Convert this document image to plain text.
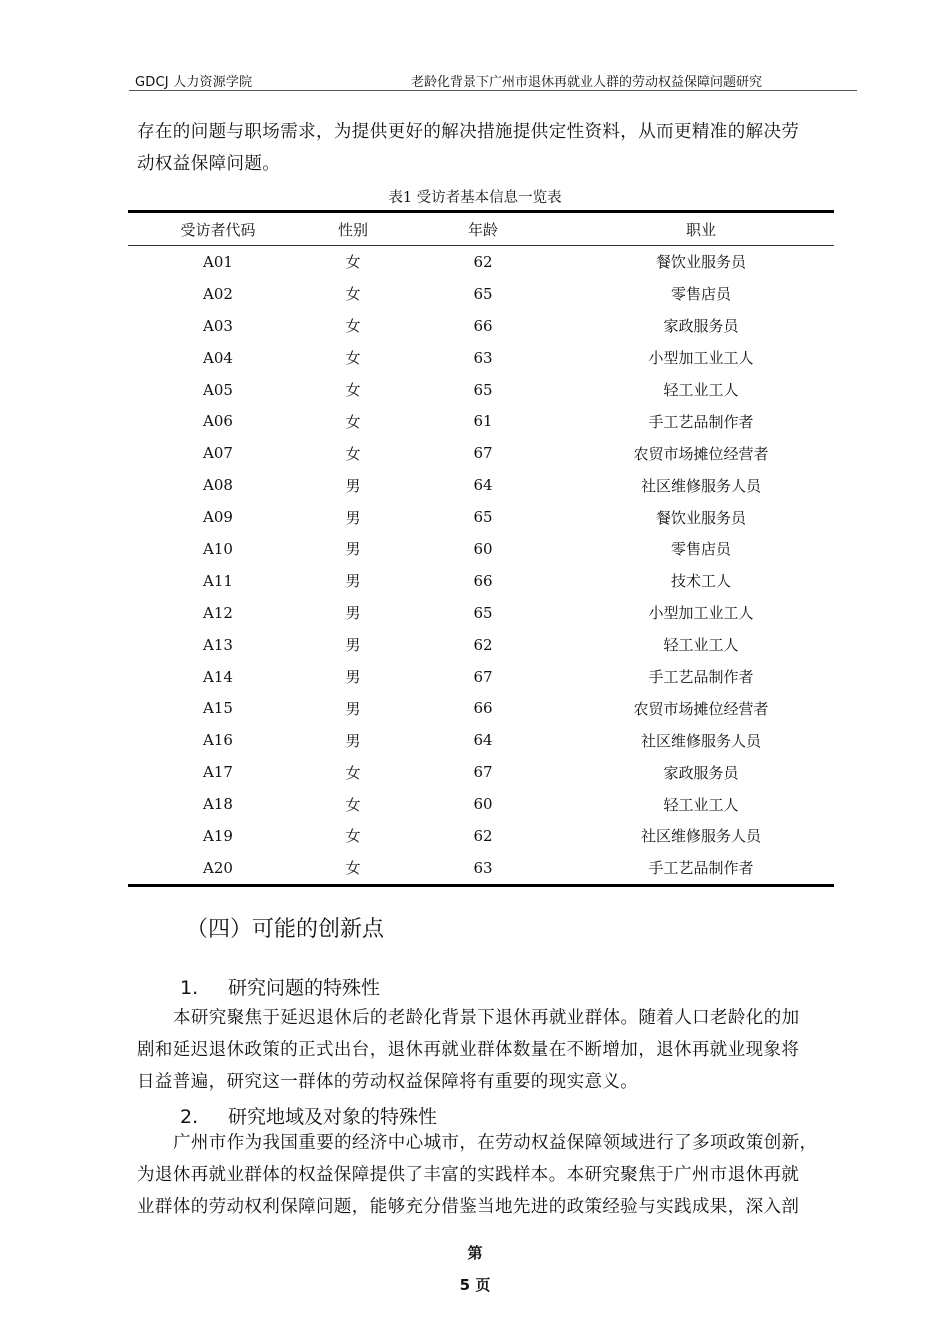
GDCJ 人力资源学院	老龄化背景下广州市退休再就业人群的劳动权益保障问题研究
存在的问题与职场需求，为提供更好的解决措施提供定性资料，从而更精准的解决劳
动权益保障问题。
表1 受访者基本信息一览表
受访者代码	性别	年龄	职业
A01	女	62	餐饮业服务员
A02	女	65	零售店员
A03	女	66	家政服务员
A04	女	63	小型加工业工人
A05	女	65	轻工业工人
A06	女	61	手工艺品制作者
A07	女	67	农贸市场摊位经营者
A08	男	64	社区维修服务人员
A09	男	65	餐饮业服务员
A10	男	60	零售店员
A11	男	66	技术工人
A12	男	65	小型加工业工人
A13	男	62	轻工业工人
A14	男	67	手工艺品制作者
A15	男	66	农贸市场摊位经营者
A16	男	64	社区维修服务人员
A17	女	67	家政服务员
A18	女	60	轻工业工人
A19	女	62	社区维修服务人员
A20	女	63	手工艺品制作者
（四）可能的创新点
1. 研究问题的特殊性
本研究聚焦于延迟退休后的老龄化背景下退休再就业群体。随着人口老龄化的加
剧和延迟退休政策的正式出台，退休再就业群体数量在不断增加，退休再就业现象将
日益普遍，研究这一群体的劳动权益保障将有重要的现实意义。
2. 研究地域及对象的特殊性
广州市作为我国重要的经济中心城市，在劳动权益保障领域进行了多项政策创新，
为退休再就业群体的权益保障提供了丰富的实践样本。本研究聚焦于广州市退休再就
业群体的劳动权利保障问题，能够充分借鉴当地先进的政策经验与实践成果，深入剖
第
5 页
